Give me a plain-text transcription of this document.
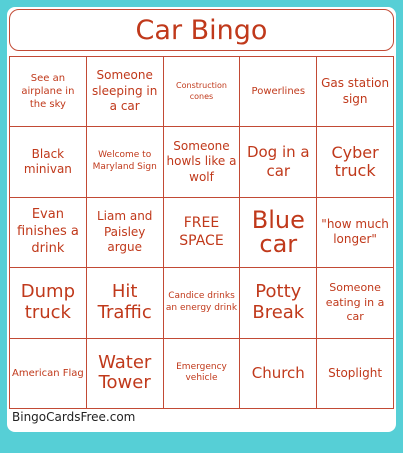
Car Bingo
See an airplane in the sky
Someone sleeping in a car
Construction cones	Powerlines
Gas station sign
Black minivan
Welcome to Maryland Sign
Someone howls like a wolf
Dog in a car
Cyber truck
Evan finishes a drink
Liam and Paisley argue
FREE SPACE
Blue car
"how much longer"
Dump truck
Hit Traffic
Candice drinks an energy drink
Potty Break
Someone eating in a car
American Flag
Water Tower
Emergency vehicle	Church	Stoplight
BingoCardsFree.com
